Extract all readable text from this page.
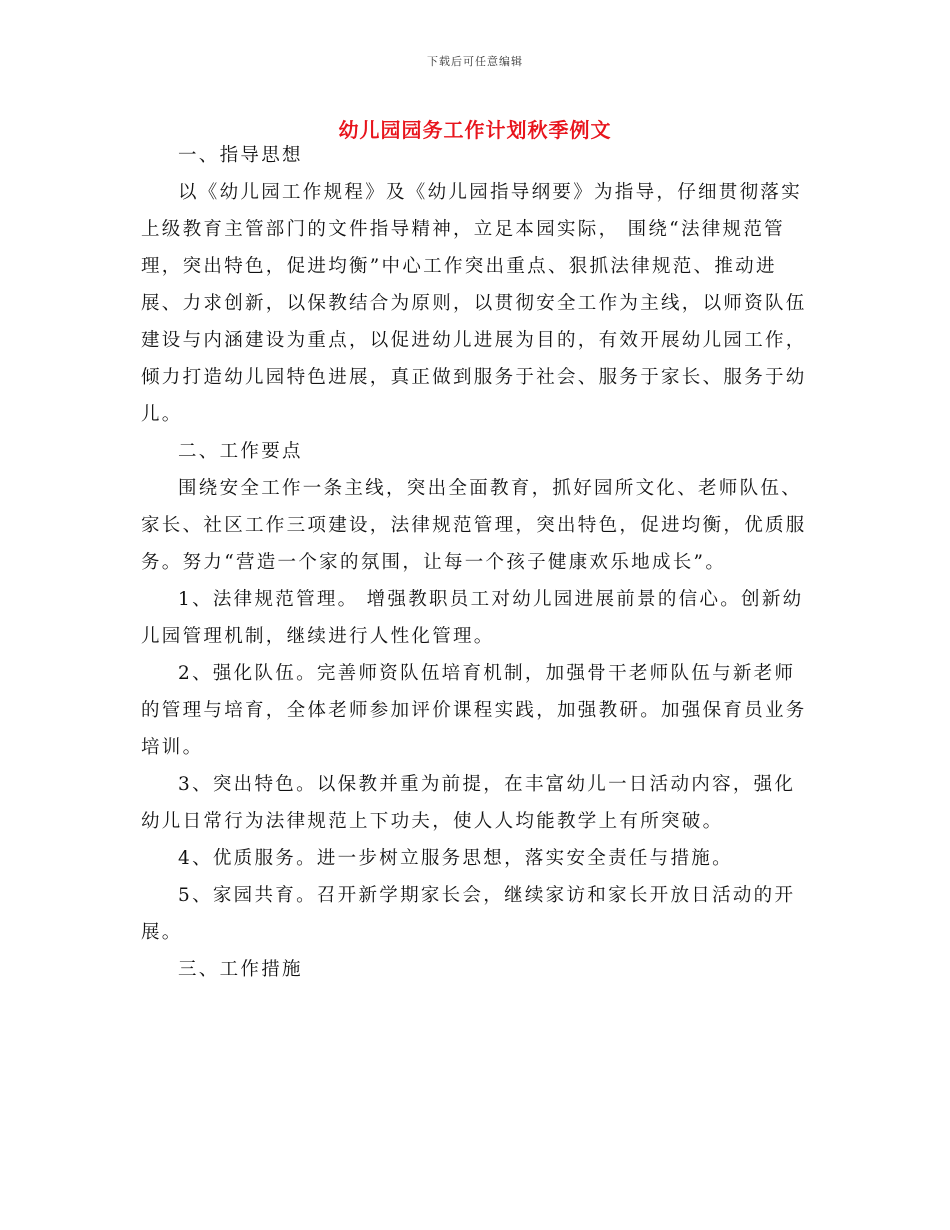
下载后可任意编辑
幼儿园园务工作计划秋季例文

一、指导思想

以《幼儿园工作规程》及《幼儿园指导纲要》为指导，仔细贯彻落实上级教育主管部门的文件指导精神，立足本园实际， 围绕“法律规范管理，突出特色，促进均衡”中心工作突出重点、狠抓法律规范、推动进展、力求创新，以保教结合为原则，以贯彻安全工作为主线，以师资队伍建设与内涵建设为重点，以促进幼儿进展为目的，有效开展幼儿园工作，倾力打造幼儿园特色进展，真正做到服务于社会、服务于家长、服务于幼儿。

二、工作要点

围绕安全工作一条主线，突出全面教育，抓好园所文化、老师队伍、家长、社区工作三项建设，法律规范管理，突出特色，促进均衡，优质服务。努力“营造一个家的氛围，让每一个孩子健康欢乐地成长”。

1、法律规范管理。 增强教职员工对幼儿园进展前景的信心。创新幼儿园管理机制，继续进行人性化管理。

2、强化队伍。完善师资队伍培育机制，加强骨干老师队伍与新老师的管理与培育，全体老师参加评价课程实践，加强教研。加强保育员业务培训。

3、突出特色。以保教并重为前提，在丰富幼儿一日活动内容，强化幼儿日常行为法律规范上下功夫，使人人均能教学上有所突破。

4、优质服务。进一步树立服务思想，落实安全责任与措施。

5、家园共育。召开新学期家长会，继续家访和家长开放日活动的开展。

三、工作措施
